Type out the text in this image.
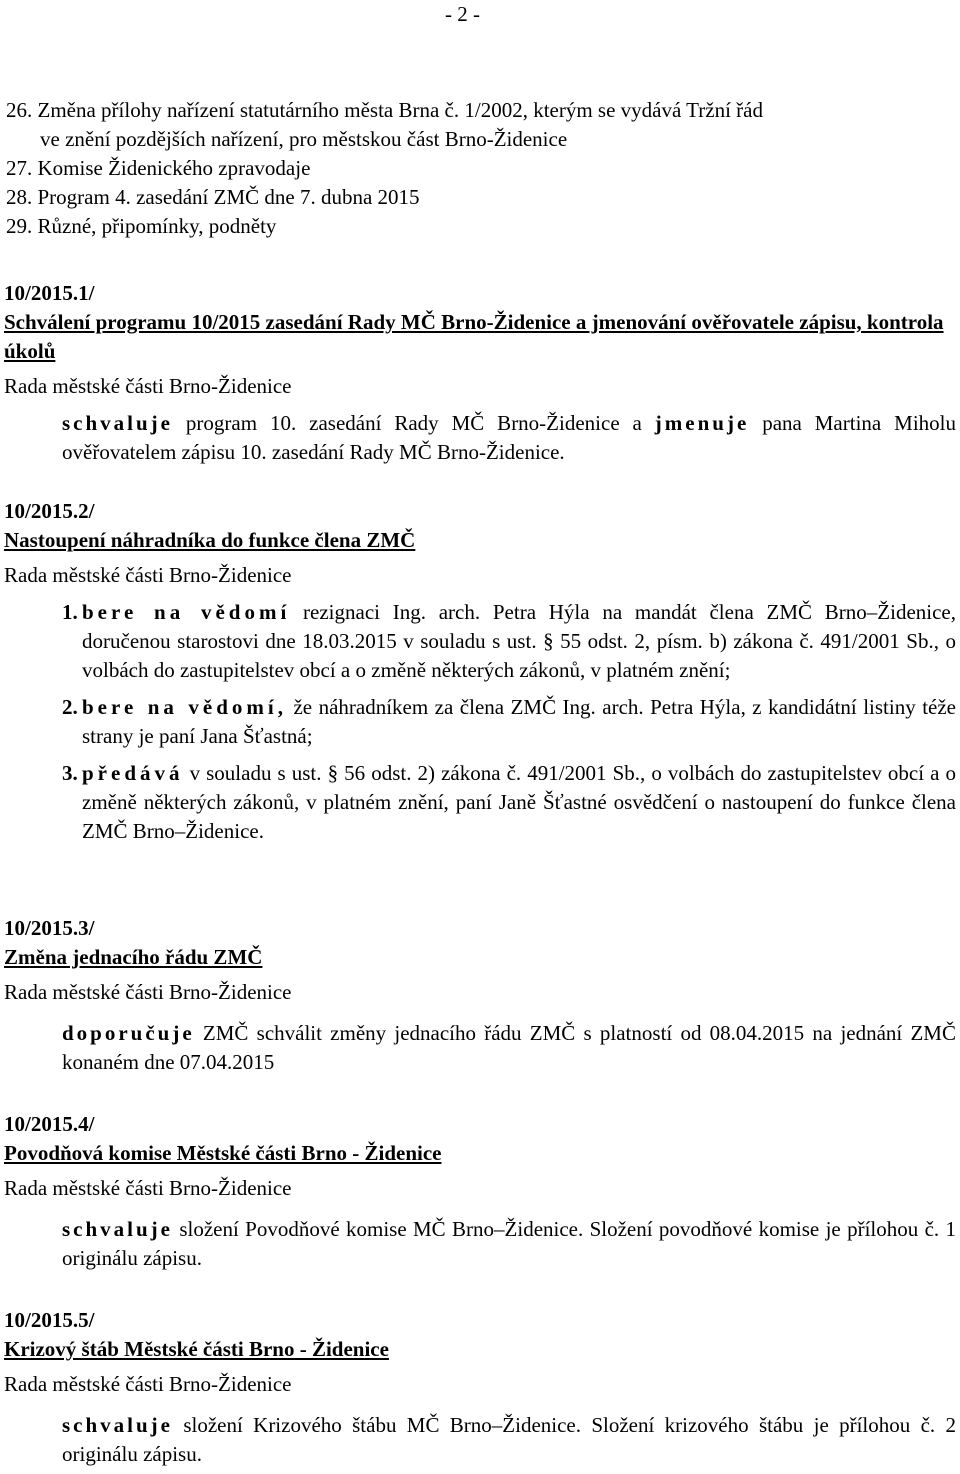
- 2 -
26. Změna přílohy nařízení statutárního města Brna č. 1/2002, kterým se vydává Tržní řád
ve znění pozdějších nařízení, pro městskou část Brno-Židenice
27. Komise Židenického zpravodaje
28. Program 4. zasedání ZMČ dne 7. dubna 2015
29. Různé, připomínky, podněty
10/2015.1/
Schválení programu 10/2015 zasedání Rady MČ Brno-Židenice a jmenování ověřovatele zápisu, kontrola úkolů
Rada městské části Brno-Židenice
schvaluje program 10. zasedání Rady MČ Brno-Židenice a jmenuje pana Martina Miholu ověřovatelem zápisu 10. zasedání Rady MČ Brno-Židenice.
10/2015.2/
Nastoupení náhradníka do funkce člena ZMČ
Rada městské části Brno-Židenice
1. bere na vědomí rezignaci Ing. arch. Petra Hýla na mandát člena ZMČ Brno–Židenice, doručenou starostovi dne 18.03.2015 v souladu s ust. § 55 odst. 2, písm. b) zákona č. 491/2001 Sb., o volbách do zastupitelstev obcí a o změně některých zákonů, v platném znění;
2. bere na vědomí, že náhradníkem za člena ZMČ Ing. arch. Petra Hýla, z kandidátní listiny téže strany je paní Jana Šťastná;
3. předává v souladu s ust. § 56 odst. 2) zákona č. 491/2001 Sb., o volbách do zastupitelstev obcí a o změně některých zákonů, v platném znění, paní Janě Šťastné osvědčení o nastoupení do funkce člena ZMČ Brno–Židenice.
10/2015.3/
Změna jednacího řádu ZMČ
Rada městské části Brno-Židenice
doporučuje ZMČ schválit změny jednacího řádu ZMČ s platností od 08.04.2015 na jednání ZMČ konaném dne 07.04.2015
10/2015.4/
Povodňová komise Městské části Brno - Židenice
Rada městské části Brno-Židenice
schvaluje složení Povodňové komise MČ Brno–Židenice. Složení povodňové komise je přílohou č. 1 originálu zápisu.
10/2015.5/
Krizový štáb Městské části Brno - Židenice
Rada městské části Brno-Židenice
schvaluje složení Krizového štábu MČ Brno–Židenice. Složení krizového štábu je přílohou č. 2 originálu zápisu.
